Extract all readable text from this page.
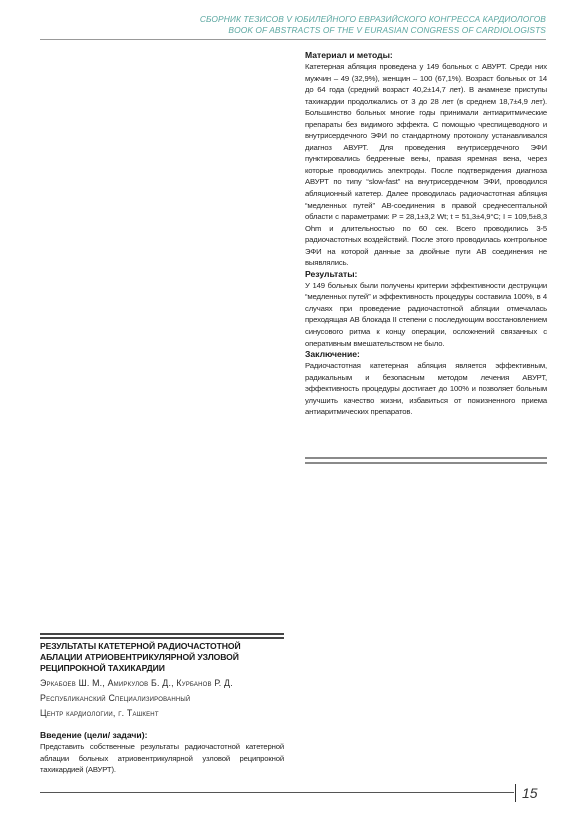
СБОРНИК ТЕЗИСОВ V ЮБИЛЕЙНОГО ЕВРАЗИЙСКОГО КОНГРЕССА КАРДИОЛОГОВ
BOOK OF ABSTRACTS OF THE V EURASIAN CONGRESS OF CARDIOLOGISTS
Материал и методы:
Катетерная абляция проведена у 149 больных с АВУРТ. Среди них мужчин – 49 (32,9%), женщин – 100 (67,1%). Возраст больных от 14 до 64 года (средний возраст 40,2±14,7 лет). В анамнезе приступы тахикардии продолжались от 3 до 28 лет (в среднем 18,7±4,9 лет). Большинство больных многие годы принимали антиаритмические препараты без видимого эффекта. С помощью чреспищеводного и внутрисердечного ЭФИ по стандартному протоколу устанавливался диагноз АВУРТ. Для проведения внутрисердечного ЭФИ пунктировались бедренные вены, правая яремная вена, через которые проводились электроды. После подтверждения диагноза АВУРТ по типу “slow-fast” на внутрисердечном ЭФИ, проводился абляционный катетер. Далее проводилась радиочастотная абляция “медленных путей” АВ-соединения в правой среднесептальной области с параметрами: P = 28,1±3,2 Wt; t = 51,3±4,9°С; I = 109,5±8,3 Ohm и длительностью по 60 сек. Всего проводились 3-5 радиочастотных воздействий. После этого проводилась контрольное ЭФИ на которой данные за двойные пути АВ соединения не выявлялись.
Результаты:
У 149 больных были получены критерии эффективности деструкции “медленных путей” и эффективность процедуры составила 100%, в 4 случаях при проведение радиочастотной абляции отмечалась преходящая АВ блокада II степени с последующим восстановлением синусового ритма к концу операции, осложнений связанных с оперативным вмешательством не было.
Заключение:
Радиочастотная катетерная абляция является эффективным, радикальным и безопасным методом лечения АВУРТ, эффективность процедуры достигает до 100% и позволяет больным улучшить качество жизни, избавиться от пожизненного приема антиаритмических препаратов.
РЕЗУЛЬТАТЫ КАТЕТЕРНОЙ РАДИОЧАСТОТНОЙ АБЛАЦИИ АТРИОВЕНТРИКУЛЯРНОЙ УЗЛОВОЙ РЕЦИПРОКНОЙ ТАХИКАРДИИ
Эркабоев Ш. М., Амиркулов Б. Д., Курбанов Р. Д.
Республиканский Специализированный
Центр кардиологии, г. Ташкент
Введение (цели/ задачи):
Представить собственные результаты радиочастотной катетерной аблации больных атриовентрикулярной узловой реципрокной тахикардией (АВУРТ).
15
